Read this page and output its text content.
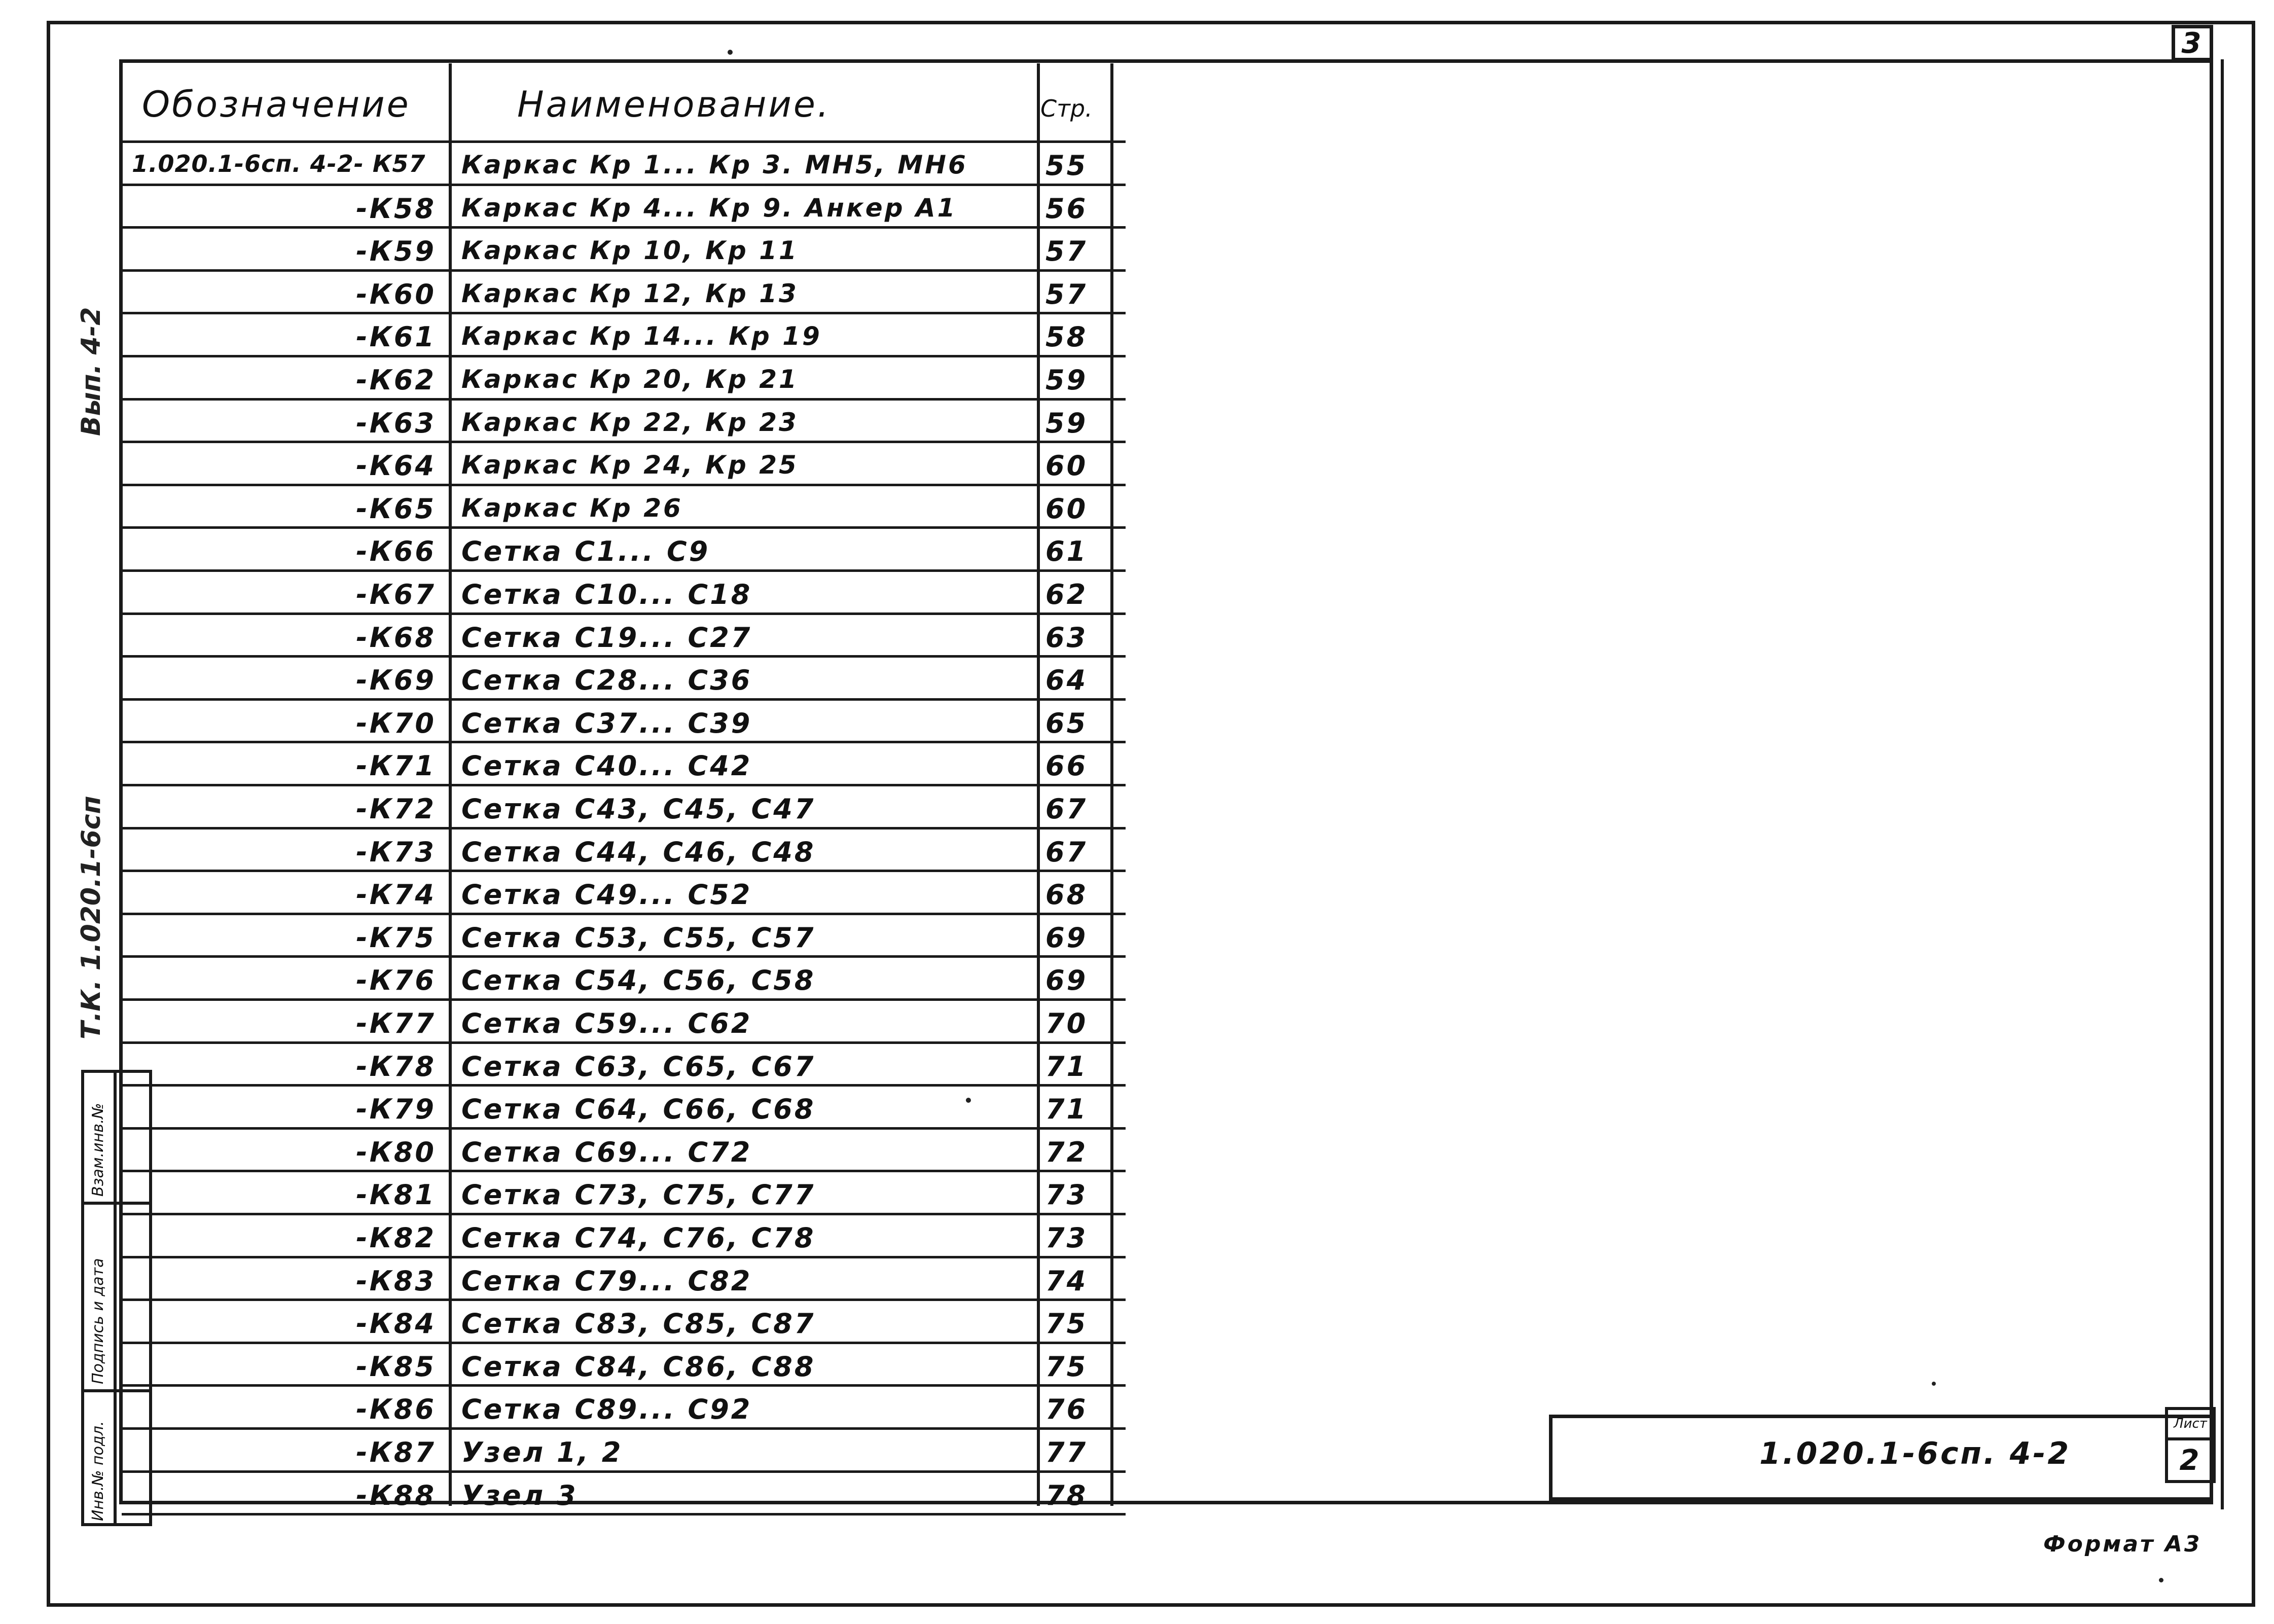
3
Обозначение	Наименование.	Стр.
1.020.1-6сп. 4-2- К57 Каркас Кр 1... Кр 3. МН5, МН6	55
-К58 Каркас Кр 4... Кр 9. Анкер А1	56
-К59 Каркас Кр 10, Кр 11	57
-К60 Каркас Кр 12, Кр 13	57
-К61 Каркас Кр 14... Кр 19	58
-К62 Каркас Кр 20, Кр 21	59
-К63 Каркас Кр 22, Кр 23	59
-К64 Каркас Кр 24, Кр 25	60
-К65 Каркас Кр 26	60
-К66 Сетка С1... С9	61
-К67 Сетка С10... С18	62
-К68 Сетка С19... С27	63
-К69 Сетка С28... С36	64
-К70 Сетка С37... С39	65
-К71 Сетка С40... С42	66
-К72 Сетка С43, С45, С47	67
-К73 Сетка С44, С46, С48	67
-К74 Сетка С49... С52	68
-К75 Сетка С53, С55, С57	69
-К76 Сетка С54, С56, С58	69
-К77 Сетка С59... С62	70
-К78 Сетка С63, С65, С67	71
-К79 Сетка С64, С66, С68	71
-К80 Сетка С69... С72	72
-К81 Сетка С73, С75, С77	73
-К82 Сетка С74, С76, С78	73
-К83 Сетка С79... С82	74
-К84 Сетка С83, С85, С87	75
-К85 Сетка С84, С86, С88	75
-К86 Сетка С89... С92	76
-К87 Узел 1, 2	77
-К88 Узел 3	78
Вып. 4-2
Т.К. 1.020.1-6сп
Взам.инв.№
Подпись и дата
Инв.№ подл.	1.020.1-6сп. 4-2
Лист
2
Формат А3
